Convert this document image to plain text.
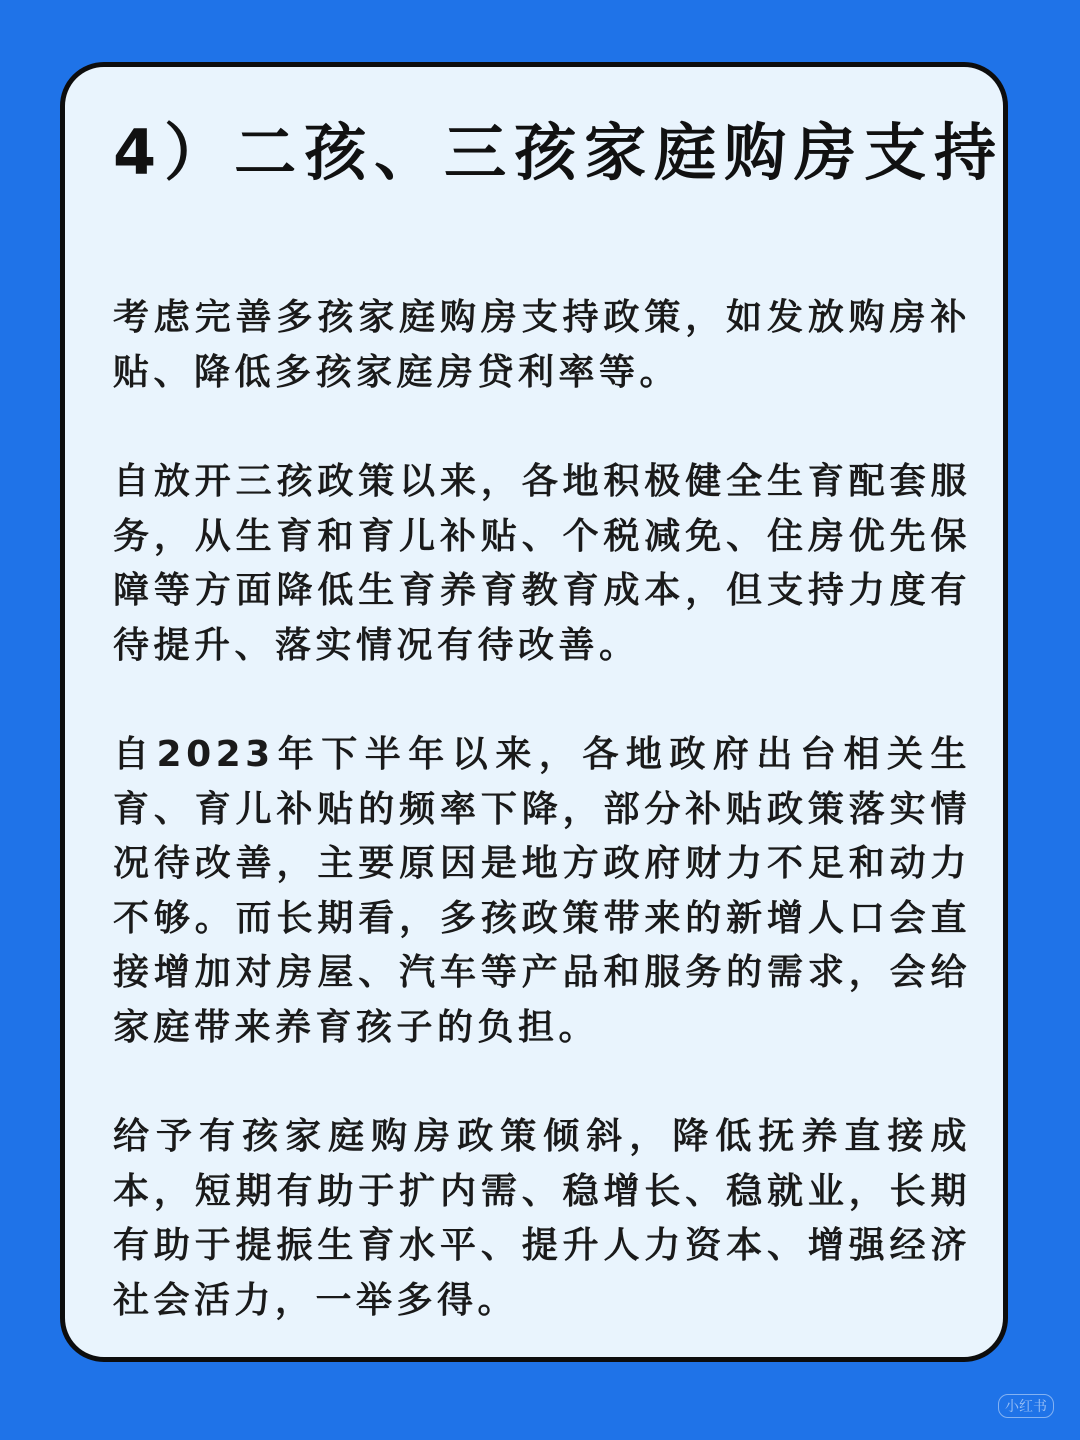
4）二孩、三孩家庭购房支持

考虑完善多孩家庭购房支持政策，如发放购房补贴、降低多孩家庭房贷利率等。

自放开三孩政策以来，各地积极健全生育配套服务，从生育和育儿补贴、个税减免、住房优先保障等方面降低生育养育教育成本，但支持力度有待提升、落实情况有待改善。

自2023年下半年以来，各地政府出台相关生育、育儿补贴的频率下降，部分补贴政策落实情况待改善，主要原因是地方政府财力不足和动力不够。而长期看，多孩政策带来的新增人口会直接增加对房屋、汽车等产品和服务的需求，会给家庭带来养育孩子的负担。

给予有孩家庭购房政策倾斜，降低抚养直接成本，短期有助于扩内需、稳增长、稳就业，长期有助于提振生育水平、提升人力资本、增强经济社会活力，一举多得。

小红书
